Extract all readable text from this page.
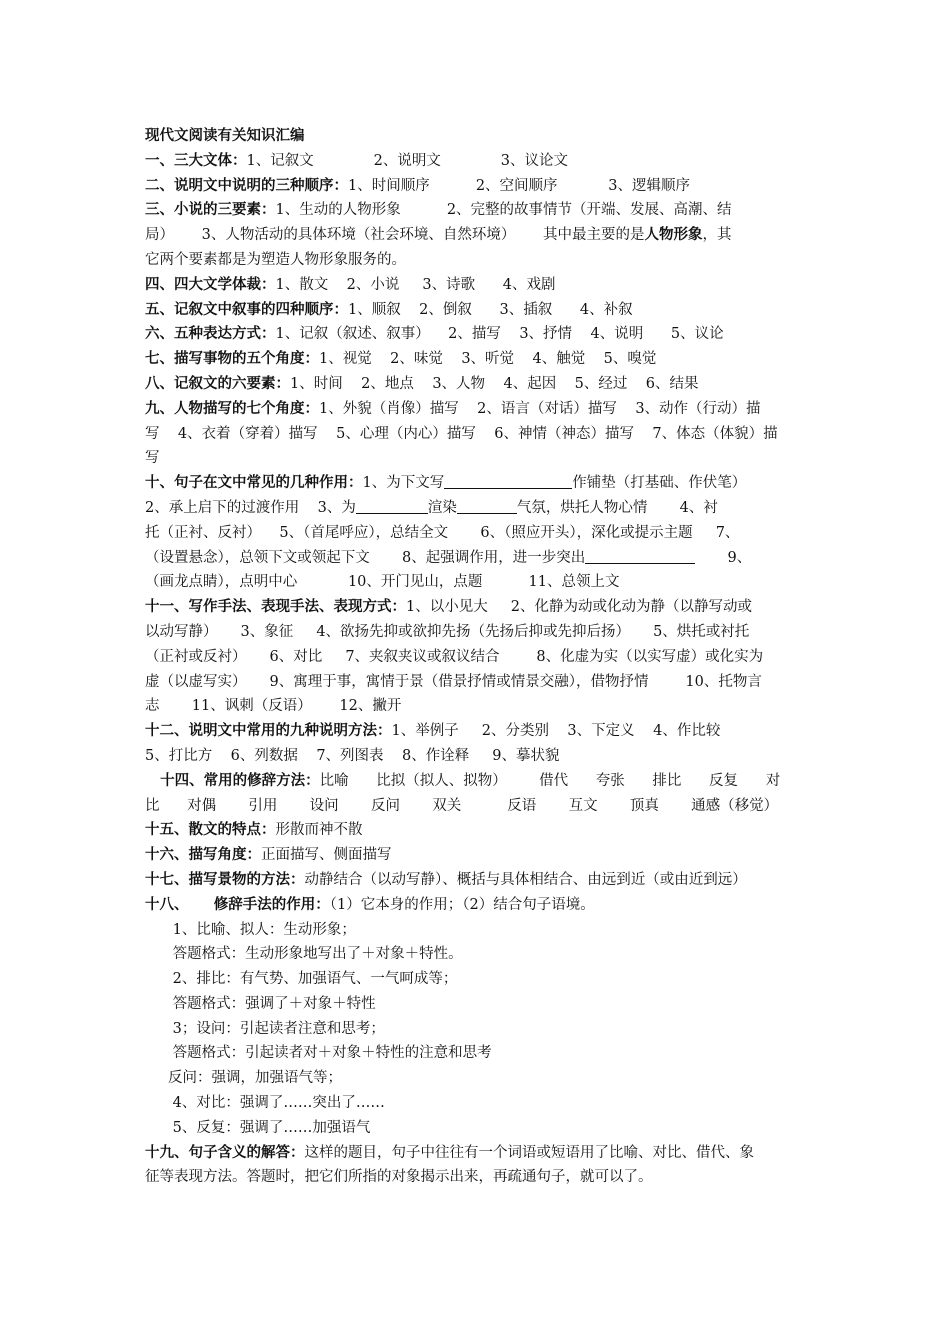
现代文阅读有关知识汇编
一、三大文体：1、记叙文             2、说明文             3、议论文
二、说明文中说明的三种顺序：1、时间顺序          2、空间顺序           3、逻辑顺序
三、小说的三要素：1、生动的人物形象          2、完整的故事情节（开端、发展、高潮、结
局）      3、人物活动的具体环境（社会环境、自然环境）      其中最主要的是人物形象，其
它两个要素都是为塑造人物形象服务的。
四、四大文学体裁：1、散文    2、小说     3、诗歌      4、戏剧
五、记叙文中叙事的四种顺序：1、顺叙    2、倒叙      3、插叙      4、补叙
六、五种表达方式：1、记叙（叙述、叙事）    2、描写    3、抒情    4、说明      5、议论
七、描写事物的五个角度：1、视觉    2、味觉    3、听觉    4、触觉    5、嗅觉
八、记叙文的六要素：1、时间    2、地点    3、人物    4、起因    5、经过    6、结果
九、人物描写的七个角度：1、外貌（肖像）描写    2、语言（对话）描写    3、动作（行动）描
写    4、衣着（穿着）描写    5、心理（内心）描写    6、神情（神态）描写    7、体态（体貌）描
写
十、句子在文中常见的几种作用：1、为下文写	作铺垫（打基础、作伏笔）
2、承上启下的过渡作用    3、为	渲染	气氛，烘托人物心情       4、衬
托（正衬、反衬）    5、（首尾呼应），总结全文       6、（照应开头），深化或提示主题     7、
（设置悬念），总领下文或领起下文       8、起强调作用，进一步突出	9、
（画龙点睛），点明中心           10、开门见山，点题          11、总领上文
十一、写作手法、表现手法、表现方式：1、以小见大     2、化静为动或化动为静（以静写动或
以动写静）     3、象征     4、欲扬先抑或欲抑先扬（先扬后抑或先抑后扬）     5、烘托或衬托
（正衬或反衬）     6、对比     7、夹叙夹议或叙议结合        8、化虚为实（以实写虚）或化实为
虚（以虚写实）     9、寓理于事，寓情于景（借景抒情或情景交融），借物抒情        10、托物言
志       11、讽刺（反语）      12、撇开
十二、说明文中常用的九种说明方法：1、举例子     2、分类别    3、下定义    4、作比较
5、打比方    6、列数据    7、列图表    8、作诠释     9、摹状貌
十四、常用的修辞方法：比喻      比拟（拟人、拟物）       借代      夸张      排比      反复      对
比      对偶       引用       设问       反问       双关          反语       互文       顶真       通感（移觉）
十五、散文的特点：形散而神不散
十六、描写角度：正面描写、侧面描写
十七、描写景物的方法：动静结合（以动写静）、概括与具体相结合、由远到近（或由近到远）
十八、     修辞手法的作用：（1）它本身的作用；（2）结合句子语境。
1、比喻、拟人：生动形象；
答题格式：生动形象地写出了＋对象＋特性。
2、排比：有气势、加强语气、一气呵成等；
答题格式：强调了＋对象＋特性
3；设问：引起读者注意和思考；
答题格式：引起读者对＋对象＋特性的注意和思考
反问：强调，加强语气等；
4、对比：强调了……突出了……
5、反复：强调了……加强语气
十九、句子含义的解答：这样的题目，句子中往往有一个词语或短语用了比喻、对比、借代、象
征等表现方法。答题时，把它们所指的对象揭示出来，再疏通句子，就可以了。
